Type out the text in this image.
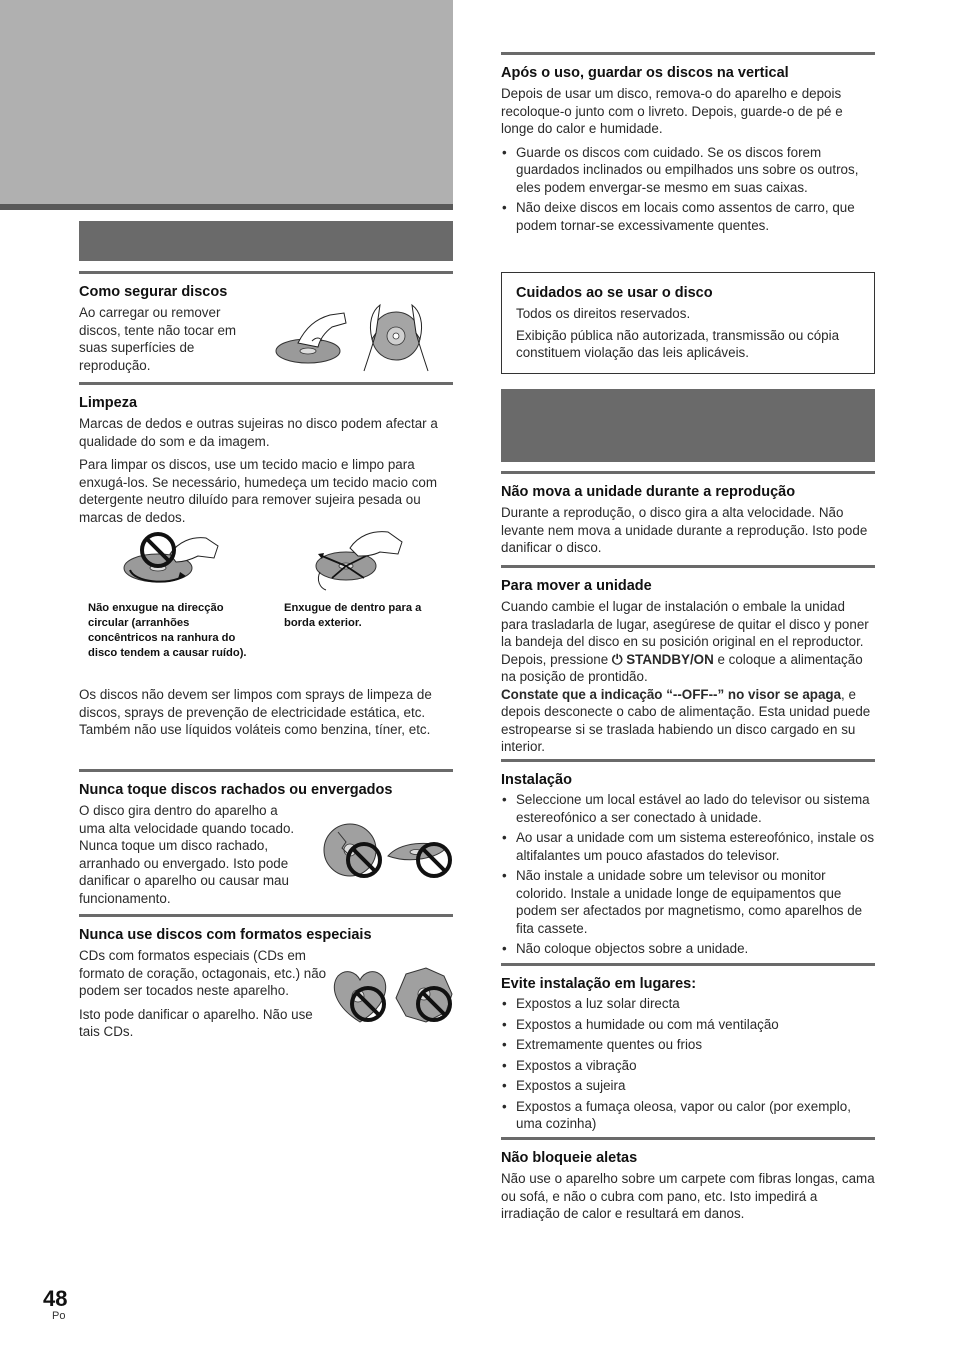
Como segurar discos

Ao carregar ou remover discos, tente não tocar em suas superfícies de reprodução.

Limpeza

Marcas de dedos e outras sujeiras no disco podem afectar a qualidade do som e da imagem.

Para limpar os discos, use um tecido macio e limpo para enxugá-los. Se necessário, humedeça um tecido macio com detergente neutro diluído para remover sujeira pesada ou marcas de dedos.

Não enxugue na direcção circular (arranhões concêntricos na ranhura do disco tendem a causar ruído).
Enxugue de dentro para a borda exterior.

Os discos não devem ser limpos com sprays de limpeza de discos, sprays de prevenção de electricidade estática, etc. Também não use líquidos voláteis como benzina, tíner, etc.

Nunca toque discos rachados ou envergados

O disco gira dentro do aparelho a uma alta velocidade quando tocado. Nunca toque um disco rachado, arranhado ou envergado. Isto pode danificar o aparelho ou causar mau funcionamento.

Nunca use discos com formatos especiais

CDs com formatos especiais (CDs em formato de coração, octagonais, etc.) não podem ser tocados neste aparelho.

Isto pode danificar o aparelho. Não use tais CDs.

Após o uso, guardar os discos na vertical

Depois de usar um disco, remova-o do aparelho e depois recoloque-o junto com o livreto. Depois, guarde-o de pé e longe do calor e humidade.

• Guarde os discos com cuidado. Se os discos forem guardados inclinados ou empilhados uns sobre os outros, eles podem envergar-se mesmo em suas caixas.
• Não deixe discos em locais como assentos de carro, que podem tornar-se excessivamente quentes.
Cuidados ao se usar o disco

Todos os direitos reservados.

Exibição pública não autorizada, transmissão ou cópia constituem violação das leis aplicáveis.

Não mova a unidade durante a reprodução

Durante a reprodução, o disco gira a alta velocidade. Não levante nem mova a unidade durante a reprodução. Isto pode danificar o disco.

Para mover a unidade

Cuando cambie el lugar de instalación o embale la unidad para trasladarla de lugar, asegúrese de quitar el disco y poner la bandeja del disco en su posición original en el reproductor. Depois, pressione ⏻ STANDBY/ON e coloque a alimentação na posição de prontidão.
Constate que a indicação “--OFF--” no visor se apaga, e depois desconecte o cabo de alimentação. Esta unidad puede estropearse si se traslada habiendo un disco cargado en su interior.

Instalação
• Seleccione um local estável ao lado do televisor ou sistema estereofónico a ser conectado à unidade.
• Ao usar a unidade com um sistema estereofónico, instale os altifalantes um pouco afastados do televisor.
• Não instale a unidade sobre um televisor ou monitor colorido. Instale a unidade longe de equipamentos que podem ser afectados por magnetismo, como aparelhos de fita cassete.
• Não coloque objectos sobre a unidade.
Evite instalação em lugares:
• Expostos a luz solar directa
• Expostos a humidade ou com má ventilação
• Extremamente quentes ou frios
• Expostos a vibração
• Expostos a sujeira
• Expostos a fumaça oleosa, vapor ou calor (por exemplo, uma cozinha)
Não bloqueie aletas

Não use o aparelho sobre um carpete com fibras longas, cama ou sofá, e não o cubra com pano, etc. Isto impedirá a irradiação de calor e resultará em danos.

48
Po
